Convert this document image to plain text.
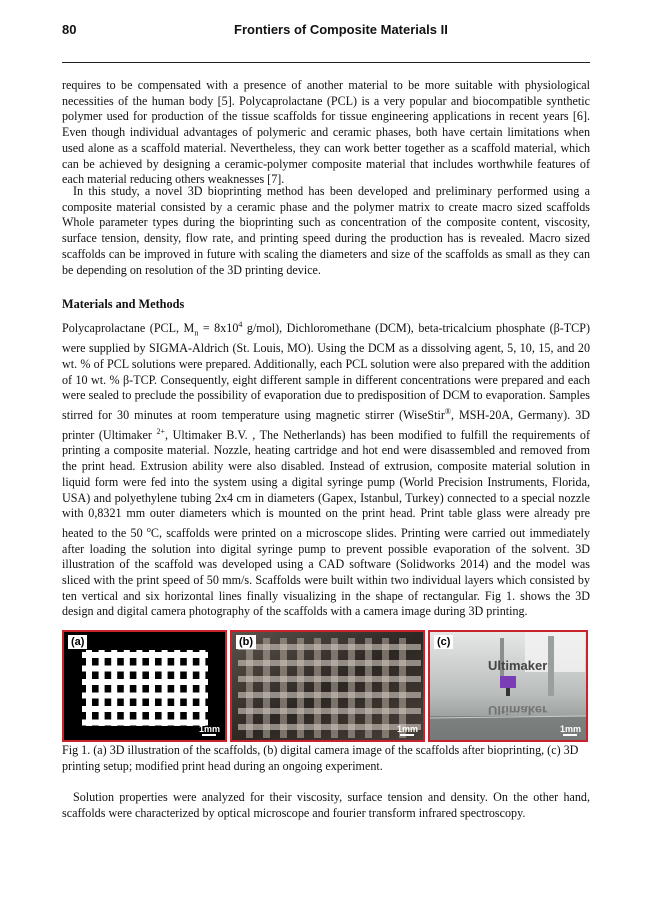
80	Frontiers of Composite Materials II

requires to be compensated with a presence of another material to be more suitable with physiological necessities of the human body [5]. Polycaprolactane (PCL) is a very popular and biocompatible synthetic polymer used for production of the tissue scaffolds for tissue engineering applications in recent years [6]. Even though individual advantages of polymeric and ceramic phases, both have certain limitations when used alone as a scaffold material. Nevertheless, they can work better together as a scaffold material, which can be achieved by designing a ceramic-polymer composite material that includes worthwhile features of each material reducing others weaknesses [7].

In this study, a novel 3D bioprinting method has been developed and preliminary performed using a composite material consisted by a ceramic phase and the polymer matrix to create macro sized scaffolds Whole parameter types during the bioprinting such as concentration of the composite content, viscosity, surface tension, density, flow rate, and printing speed during the production has is revealed. Macro sized scaffolds can be improved in future with scaling the diameters and size of the scaffolds as small as they can be depending on resolution of the 3D printing device.

Materials and Methods

Polycaprolactane (PCL, $M_n = 8x10^4$ g/mol), Dichloromethane (DCM), beta-tricalcium phosphate (β-TCP) were supplied by SIGMA-Aldrich (St. Louis, MO). Using the DCM as a dissolving agent, 5, 10, 15, and 20 wt. % of PCL solutions were prepared. Additionally, each PCL solution were also prepared with the addition of 10 wt. % β-TCP. Consequently, eight different sample in different concentrations were prepared and each were sealed to preclude the possibility of evaporation due to predisposition of DCM to evaporation. Samples stirred for 30 minutes at room temperature using magnetic stirrer (WiseStir®, MSH-20A, Germany). 3D printer (Ultimaker $^{2+}$, Ultimaker B.V. , The Netherlands) has been modified to fulfill the requirements of printing a composite material. Nozzle, heating cartridge and hot end were disassembled and removed from the print head. Extrusion ability were also disabled. Instead of extrusion, composite material solution in liquid form were fed into the system using a digital syringe pump (World Precision Instruments, Florida, USA) and polyethylene tubing 2x4 cm in diameters (Gapex, Istanbul, Turkey) connected to a special nozzle with 0,8321 mm outer diameters which is mounted on the print head. Print table glass were already pre heated to the 50 $^o$C, scaffolds were printed on a microscope slides. Printing were carried out immediately after loading the solution into digital syringe pump to prevent possible evaporation of the solvent. 3D illustration of the scaffold was developed using a CAD software (Solidworks 2014) and the model was sliced with the print speed of 50 mm/s. Scaffolds were built within two individual layers which consisted by ten vertical and six horizontal lines finally visualizing in the shape of rectangular. Fig 1. shows the 3D design and digital camera photography of the scaffolds with a camera image during 3D printing.

(a)
1mm
(b)
1mm
(c)
Ultimaker
Ultimaker
1mm

Fig 1. (a) 3D illustration of the scaffolds, (b) digital camera image of the scaffolds after bioprinting, (c) 3D printing setup; modified print head during an ongoing experiment.

Solution properties were analyzed for their viscosity, surface tension and density. On the other hand, scaffolds were characterized by optical microscope and fourier transform infrared spectroscopy.
